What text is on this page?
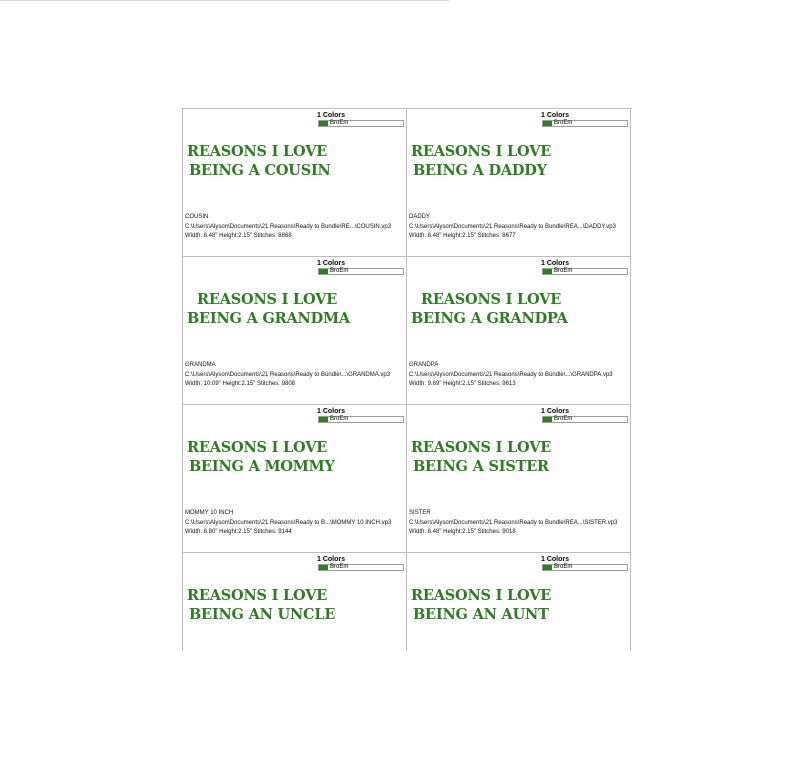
1 Colors
BroEm
REASONS I LOVE
BEING A COUSIN
COUSIN
C:\Users\Alyson\Documents\21 Reasons\Ready to Bundle\RE...\COUSIN.vp3
Width: 8.48" Height:2.15" Stitches: 8868
1 Colors
BroEm
REASONS I LOVE
BEING A DADDY
DADDY
C:\Users\Alyson\Documents\21 Reasons\Ready to Bundle\REA...\DADDY.vp3
Width: 8.48" Height:2.15" Stitches: 8677
1 Colors
BroEm
REASONS I LOVE
BEING A GRANDMA
GRANDMA
C:\Users\Alyson\Documents\21 Reasons\Ready to Bundle\...\GRANDMA.vp3
Width: 10.09" Height:2.15" Stitches: 9808
1 Colors
BroEm
REASONS I LOVE
BEING A GRANDPA
GRANDPA
C:\Users\Alyson\Documents\21 Reasons\Ready to Bundle\...\GRANDPA.vp3
Width: 9.69" Height:2.15" Stitches: 9613
1 Colors
BroEm
REASONS I LOVE
BEING A MOMMY
MOMMY 10 INCH
C:\Users\Alyson\Documents\21 Reasons\Ready to B...\MOMMY 10 INCH.vp3
Width: 8.80" Height:2.15" Stitches: 9144
1 Colors
BroEm
REASONS I LOVE
BEING A SISTER
SISTER
C:\Users\Alyson\Documents\21 Reasons\Ready to Bundle\REA...\SISTER.vp3
Width: 8.48" Height:2.15" Stitches: 9018
1 Colors
BroEm
REASONS I LOVE
BEING AN UNCLE
1 Colors
BroEm
REASONS I LOVE
BEING AN AUNT
